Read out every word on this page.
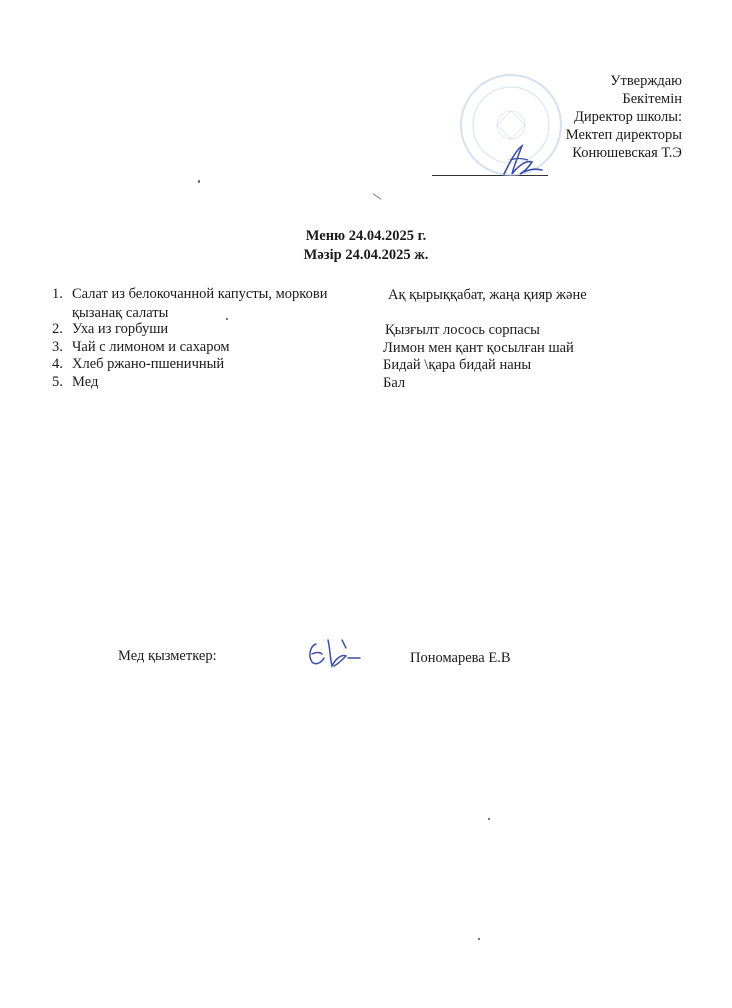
Утверждаю
Бекітемін
Директор школы:
Мектеп директоры
Конюшевская Т.Э
Меню 24.04.2025 г.
Мәзір 24.04.2025 ж.
1. Салат из белокочанной капусты, моркови
2. Уха из горбуши
3. Чай с лимоном и сахаром
4. Хлеб ржано-пшеничный
5. Мед
Ақ қырыққабат, жаңа қияр және
қызанақ салаты
Қызғылт лосось сорпасы
Лимон мен қант қосылған шай
Бидай \қара бидай наны
Бал
Мед қызметкер:	Пономарева Е.В
